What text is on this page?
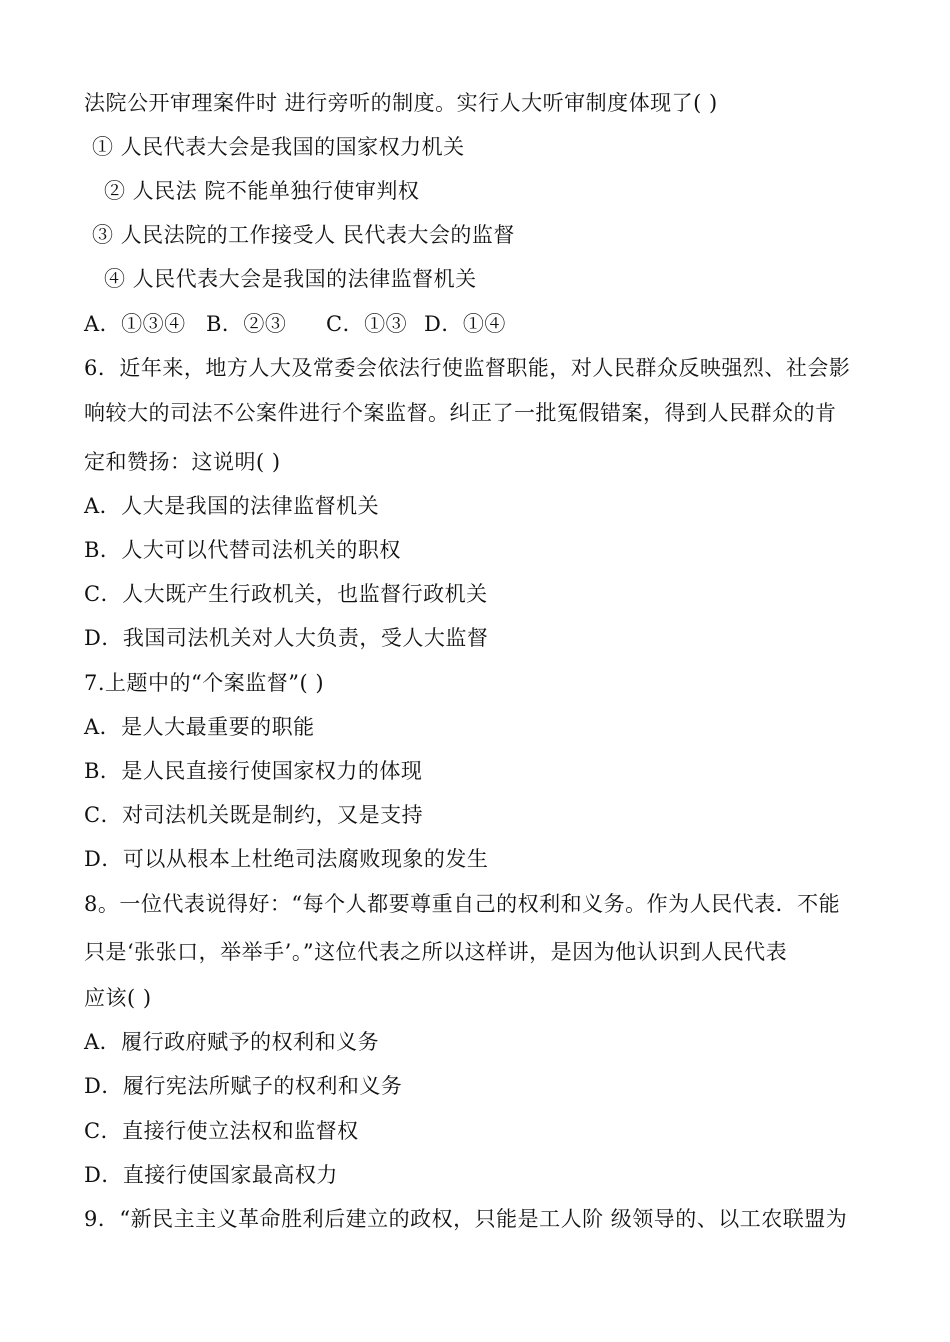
法院公开审理案件时 进行旁听的制度。实行人大听审制度体现了( )
① 人民代表大会是我国的国家权力机关
② 人民法 院不能单独行使审判权
③ 人民法院的工作接受人 民代表大会的监督
④ 人民代表大会是我国的法律监督机关
A．①③④ B．②③ C．①③ D．①④
6．近年来，地方人大及常委会依法行使监督职能，对人民群众反映强烈、社会影
响较大的司法不公案件进行个案监督。纠正了一批冤假错案，得到人民群众的肯
定和赞扬：这说明( )
A．人大是我国的法律监督机关
B．人大可以代替司法机关的职权
C．人大既产生行政机关，也监督行政机关
D．我国司法机关对人大负责，受人大监督
7.上题中的“个案监督”( )
A．是人大最重要的职能
B．是人民直接行使国家权力的体现
C．对司法机关既是制约，又是支持
D．可以从根本上杜绝司法腐败现象的发生
8。一位代表说得好：“每个人都要尊重自己的权利和义务。作为人民代表．不能
只是‘张张口，举举手’。”这位代表之所以这样讲，是因为他认识到人民代表
应该( )
A．履行政府赋予的权利和义务
D．履行宪法所赋子的权利和义务
C．直接行使立法权和监督权
D．直接行使国家最高权力
9．“新民主主义革命胜利后建立的政权，只能是工人阶 级领导的、以工农联盟为
